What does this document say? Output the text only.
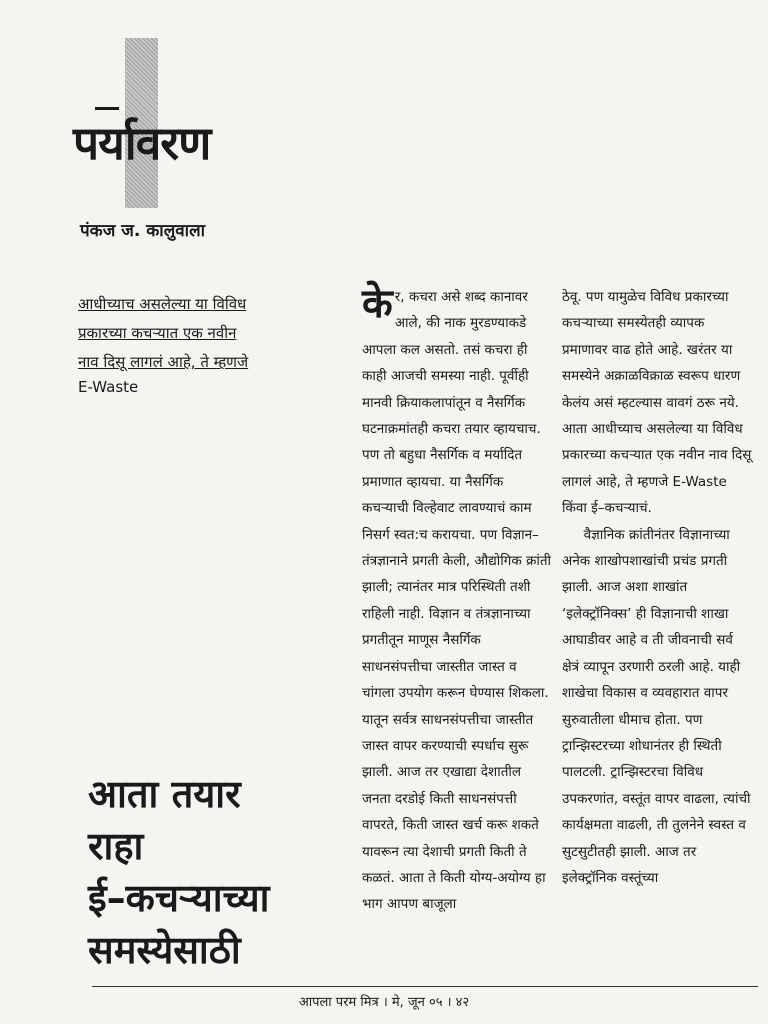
पर्यावरण

पंकज ज. कालुवाला

आधीच्याच असलेल्या या विविध
प्रकारच्या कचऱ्यात एक नवीन
नाव दिसू लागलं आहे, ते म्हणजे
E-Waste
आता तयार
राहा
ई–कचऱ्याच्या
समस्येसाठी
के र, कचरा असे शब्द कानावर आले, की नाक मुरडण्याकडे आपला कल असतो. तसं कचरा ही काही आजची समस्या नाही. पूर्वीही मानवी क्रियाकलापांतून व नैसर्गिक घटनाक्रमांतही कचरा तयार व्हायचाच. पण तो बहुधा नैसर्गिक व मर्यादित प्रमाणात व्हायचा. या नैसर्गिक कचऱ्याची विल्हेवाट लावण्याचं काम निसर्ग स्वत:च करायचा. पण विज्ञान–तंत्रज्ञानाने प्रगती केली, औद्योगिक क्रांती झाली; त्यानंतर मात्र परिस्थिती तशी राहिली नाही. विज्ञान व तंत्रज्ञानाच्या प्रगतीतून माणूस नैसर्गिक साधनसंपत्तीचा जास्तीत जास्त व चांगला उपयोग करून घेण्यास शिकला. यातून सर्वत्र साधनसंपत्तीचा जास्तीत जास्त वापर करण्याची स्पर्धाच सुरू झाली. आज तर एखाद्या देशातील जनता दरडोई किती साधनसंपत्ती वापरते, किती जास्त खर्च करू शकते यावरून त्या देशाची प्रगती किती ते कळतं. आता ते किती योग्य-अयोग्य हा भाग आपण बाजूला

ठेवू. पण यामुळेच विविध प्रकारच्या कचऱ्याच्या समस्येतही व्यापक प्रमाणावर वाढ होते आहे. खरंतर या समस्येने अक्राळविक्राळ स्वरूप धारण केलंय असं म्हटल्यास वावगं ठरू नये. आता आधीच्याच असलेल्या या विविध प्रकारच्या कचऱ्यात एक नवीन नाव दिसू लागलं आहे, ते म्हणजे E-Waste किंवा ई–कचऱ्याचं.

वैज्ञानिक क्रांतीनंतर विज्ञानाच्या अनेक शाखोपशाखांची प्रचंड प्रगती झाली. आज अशा शाखांत ‘इलेक्ट्रॉनिक्स’ ही विज्ञानाची शाखा आघाडीवर आहे व ती जीवनाची सर्व क्षेत्रं व्यापून उरणारी ठरली आहे. याही शाखेचा विकास व व्यवहारात वापर सुरुवातीला धीमाच होता. पण ट्रान्झिस्टरच्या शोधानंतर ही स्थिती पालटली. ट्रान्झिस्टरचा विविध उपकरणांत, वस्तूंत वापर वाढला, त्यांची कार्यक्षमता वाढली, ती तुलनेने स्वस्त व सुटसुटीतही झाली. आज तर इलेक्ट्रॉनिक वस्तूंच्या

आपला परम मित्र । मे, जून ०५ । ४२
